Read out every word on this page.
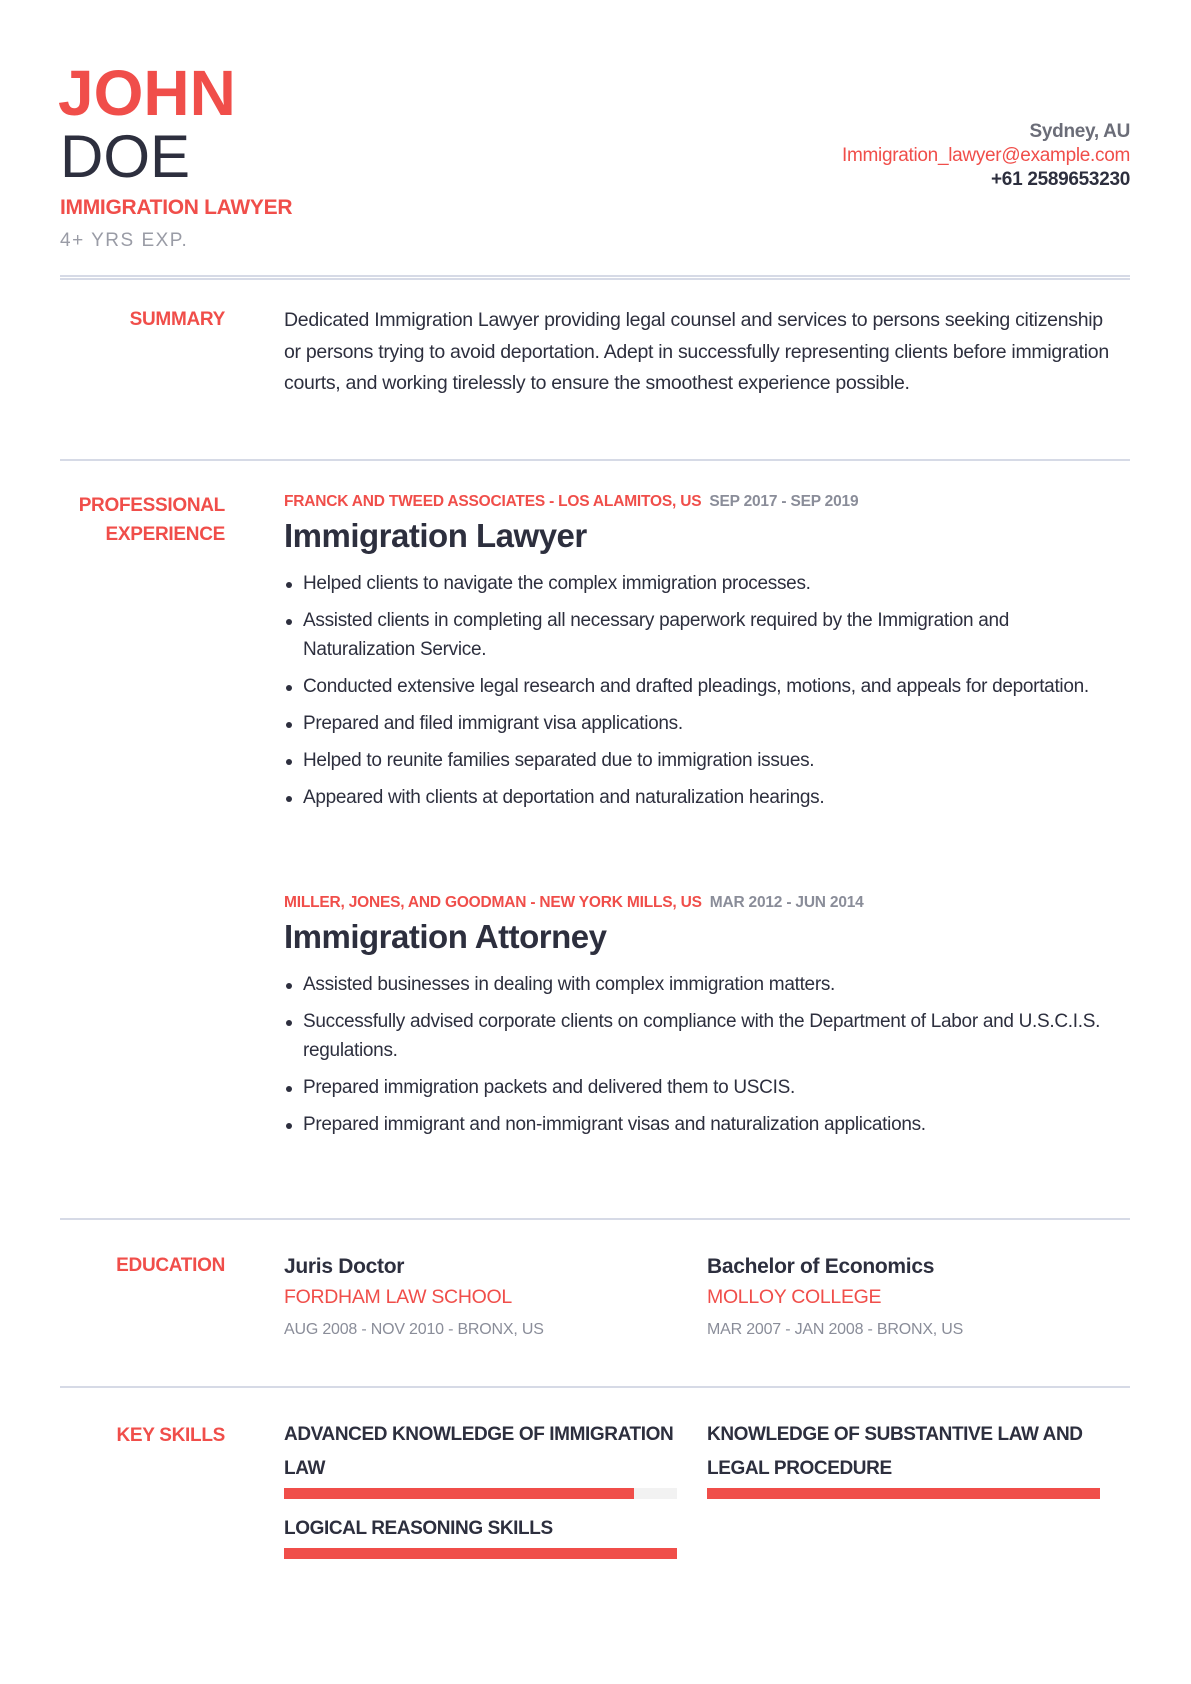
JOHN
DOE
IMMIGRATION LAWYER
4+ YRS EXP.
Sydney, AU
Immigration_lawyer@example.com
+61 2589653230
SUMMARY	Dedicated Immigration Lawyer providing legal counsel and services to persons seeking citizenship or persons trying to avoid deportation. Adept in successfully representing clients before immigration courts, and working tirelessly to ensure the smoothest experience possible.
PROFESSIONAL
EXPERIENCE
FRANCK AND TWEED ASSOCIATES - LOS ALAMITOS, US SEP 2017 - SEP 2019
Immigration Lawyer
Helped clients to navigate the complex immigration processes.
Assisted clients in completing all necessary paperwork required by the Immigration and Naturalization Service.
Conducted extensive legal research and drafted pleadings, motions, and appeals for deportation.
Prepared and filed immigrant visa applications.
Helped to reunite families separated due to immigration issues.
Appeared with clients at deportation and naturalization hearings.
MILLER, JONES, AND GOODMAN - NEW YORK MILLS, US MAR 2012 - JUN 2014
Immigration Attorney
Assisted businesses in dealing with complex immigration matters.
Successfully advised corporate clients on compliance with the Department of Labor and U.S.C.I.S. regulations.
Prepared immigration packets and delivered them to USCIS.
Prepared immigrant and non-immigrant visas and naturalization applications.
EDUCATION	Juris Doctor
FORDHAM LAW SCHOOL
AUG 2008 - NOV 2010 - BRONX, US
Bachelor of Economics
MOLLOY COLLEGE
MAR 2007 - JAN 2008 - BRONX, US
KEY SKILLS	ADVANCED KNOWLEDGE OF IMMIGRATION LAW
KNOWLEDGE OF SUBSTANTIVE LAW AND LEGAL PROCEDURE
LOGICAL REASONING SKILLS
